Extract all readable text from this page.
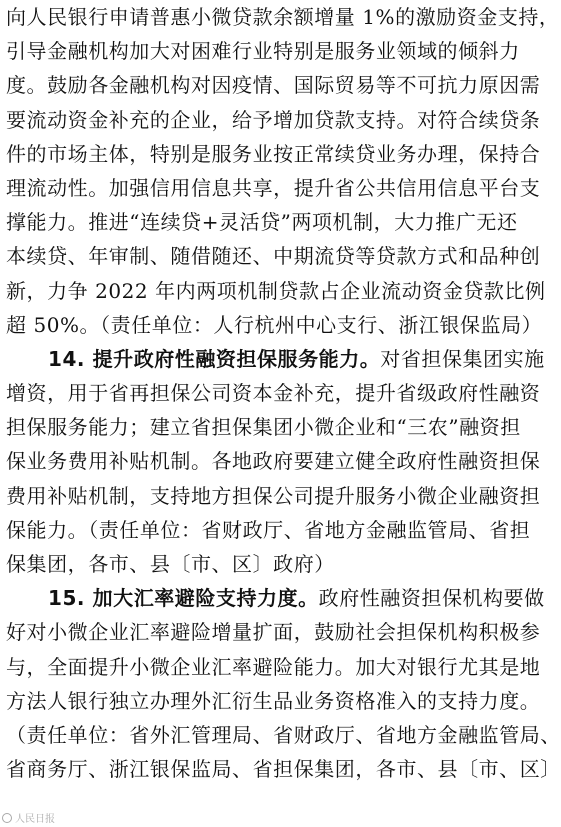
向人民银行申请普惠小微贷款余额增量 1%的激励资金支持，
引导金融机构加大对困难行业特别是服务业领域的倾斜力
度。鼓励各金融机构对因疫情、国际贸易等不可抗力原因需
要流动资金补充的企业，给予增加贷款支持。对符合续贷条
件的市场主体，特别是服务业按正常续贷业务办理，保持合
理流动性。加强信用信息共享，提升省公共信用信息平台支
撑能力。推进“连续贷+灵活贷”两项机制，大力推广无还
本续贷、年审制、随借随还、中期流贷等贷款方式和品种创
新，力争 2022 年内两项机制贷款占企业流动资金贷款比例
超 50%。（责任单位：人行杭州中心支行、浙江银保监局）
14. 提升政府性融资担保服务能力。对省担保集团实施
增资，用于省再担保公司资本金补充，提升省级政府性融资
担保服务能力；建立省担保集团小微企业和“三农”融资担
保业务费用补贴机制。各地政府要建立健全政府性融资担保
费用补贴机制，支持地方担保公司提升服务小微企业融资担
保能力。（责任单位：省财政厅、省地方金融监管局、省担
保集团，各市、县〔市、区〕政府）
15. 加大汇率避险支持力度。政府性融资担保机构要做
好对小微企业汇率避险增量扩面，鼓励社会担保机构积极参
与，全面提升小微企业汇率避险能力。加大对银行尤其是地
方法人银行独立办理外汇衍生品业务资格准入的支持力度。
（责任单位：省外汇管理局、省财政厅、省地方金融监管局、
省商务厅、浙江银保监局、省担保集团，各市、县〔市、区〕
人民日报
